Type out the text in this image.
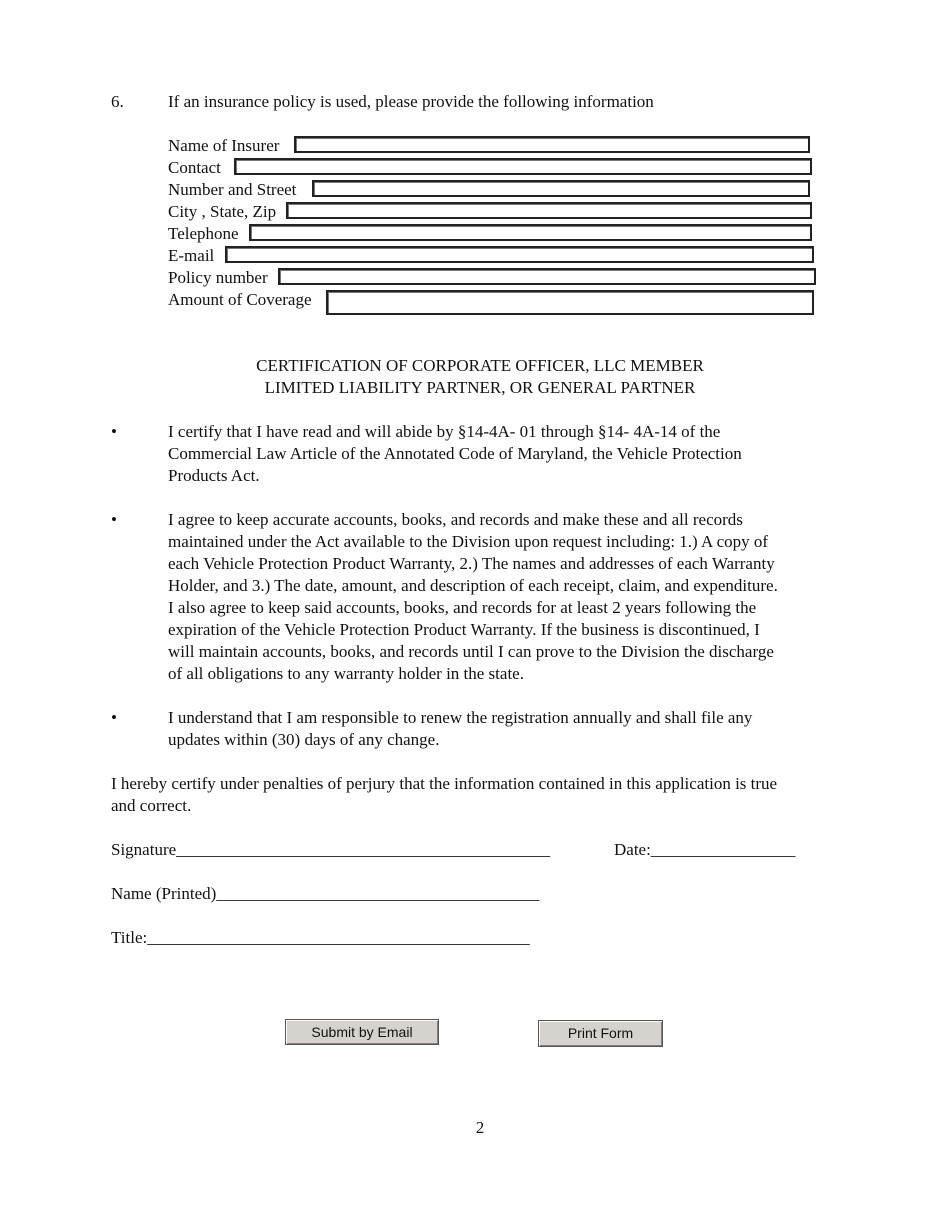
6.	If an insurance policy is used, please provide the following information
Name of Insurer
Contact
Number and Street
City , State, Zip
Telephone
E-mail
Policy number
Amount of Coverage
CERTIFICATION OF CORPORATE OFFICER, LLC MEMBER
LIMITED LIABILITY PARTNER, OR GENERAL PARTNER
•	I certify that I have read and will abide by §14-4A- 01 through §14- 4A-14 of the
Commercial Law Article of the Annotated Code of Maryland, the Vehicle Protection
Products Act.
•	I agree to keep accurate accounts, books, and records and make these and all records
maintained under the Act available to the Division upon request including: 1.) A copy of
each Vehicle Protection Product Warranty, 2.) The names and addresses of each Warranty
Holder, and 3.) The date, amount, and description of each receipt, claim, and expenditure.
I also agree to keep said accounts, books, and records for at least 2 years following the
expiration of the Vehicle Protection Product Warranty. If the business is discontinued, I
will maintain accounts, books, and records until I can prove to the Division the discharge
of all obligations to any warranty holder in the state.
•	I understand that I am responsible to renew the registration annually and shall file any
updates within (30) days of any change.
I hereby certify under penalties of perjury that the information contained in this application is true
and correct.
Signature____________________________________________	Date:_________________
Name (Printed)______________________________________
Title:_____________________________________________
Submit by Email	Print Form
2
